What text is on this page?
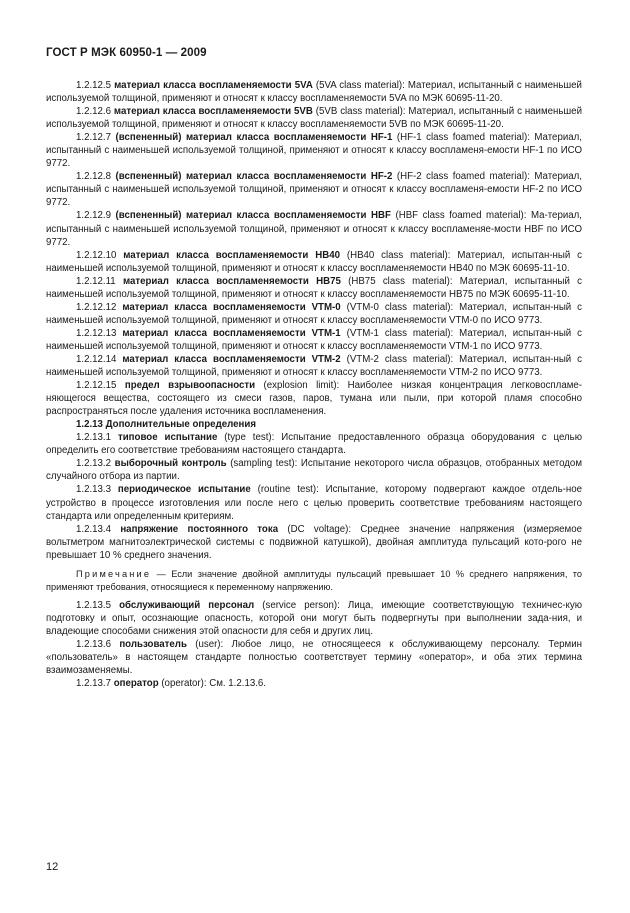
ГОСТ Р МЭК 60950-1 — 2009

1.2.12.5 материал класса воспламеняемости 5VA (5VA class material): Материал, испытанный с наименьшей используемой толщиной, применяют и относят к классу воспламеняемости 5VA по МЭК 60695-11-20.

1.2.12.6 материал класса воспламеняемости 5VB (5VB class material): Материал, испытанный с наименьшей используемой толщиной, применяют и относят к классу воспламеняемости 5VB по МЭК 60695-11-20.

1.2.12.7 (вспененный) материал класса воспламеняемости HF-1 (HF-1 class foamed material): Материал, испытанный с наименьшей используемой толщиной, применяют и относят к классу воспламеня-емости HF-1 по ИСО 9772.

1.2.12.8 (вспененный) материал класса воспламеняемости HF-2 (HF-2 class foamed material): Материал, испытанный с наименьшей используемой толщиной, применяют и относят к классу воспламеня-емости HF-2 по ИСО 9772.

1.2.12.9 (вспененный) материал класса воспламеняемости HBF (HBF class foamed material): Ма-териал, испытанный с наименьшей используемой толщиной, применяют и относят к классу воспламеняе-мости HBF по ИСО 9772.

1.2.12.10 материал класса воспламеняемости HB40 (HB40 class material): Материал, испытан-ный с наименьшей используемой толщиной, применяют и относят к классу воспламеняемости HB40 по МЭК 60695-11-10.

1.2.12.11 материал класса воспламеняемости HB75 (HB75 class material): Материал, испытанный с наименьшей используемой толщиной, применяют и относят к классу воспламеняемости HB75 по МЭК 60695-11-10.

1.2.12.12 материал класса воспламеняемости VTM-0 (VTM-0 class material): Материал, испытан-ный с наименьшей используемой толщиной, применяют и относят к классу воспламеняемости VTM-0 по ИСО 9773.

1.2.12.13 материал класса воспламеняемости VTM-1 (VTM-1 class material): Материал, испытан-ный с наименьшей используемой толщиной, применяют и относят к классу воспламеняемости VTM-1 по ИСО 9773.

1.2.12.14 материал класса воспламеняемости VTM-2 (VTM-2 class material): Материал, испытан-ный с наименьшей используемой толщиной, применяют и относят к классу воспламеняемости VTM-2 по ИСО 9773.

1.2.12.15 предел взрывоопасности (explosion limit): Наиболее низкая концентрация легковоспламе-няющегося вещества, состоящего из смеси газов, паров, тумана или пыли, при которой пламя способно распространяться после удаления источника воспламенения.

1.2.13 Дополнительные определения

1.2.13.1 типовое испытание (type test): Испытание предоставленного образца оборудования с целью определить его соответствие требованиям настоящего стандарта.

1.2.13.2 выборочный контроль (sampling test): Испытание некоторого числа образцов, отобранных методом случайного отбора из партии.

1.2.13.3 периодическое испытание (routine test): Испытание, которому подвергают каждое отдель-ное устройство в процессе изготовления или после него с целью проверить соответствие требованиям настоящего стандарта или определенным критериям.

1.2.13.4 напряжение постоянного тока (DC voltage): Среднее значение напряжения (измеряемое вольтметром магнитоэлектрической системы с подвижной катушкой), двойная амплитуда пульсаций кото-рого не превышает 10 % среднего значения.

Примечание — Если значение двойной амплитуды пульсаций превышает 10 % среднего напряжения, то применяют требования, относящиеся к переменному напряжению.

1.2.13.5 обслуживающий персонал (service person): Лица, имеющие соответствующую техничес-кую подготовку и опыт, осознающие опасность, которой они могут быть подвергнуты при выполнении зада-ния, и владеющие способами снижения этой опасности для себя и других лиц.

1.2.13.6 пользователь (user): Любое лицо, не относящееся к обслуживающему персоналу. Термин «пользователь» в настоящем стандарте полностью соответствует термину «оператор», и оба этих термина взаимозаменяемы.

1.2.13.7 оператор (operator): См. 1.2.13.6.

12
